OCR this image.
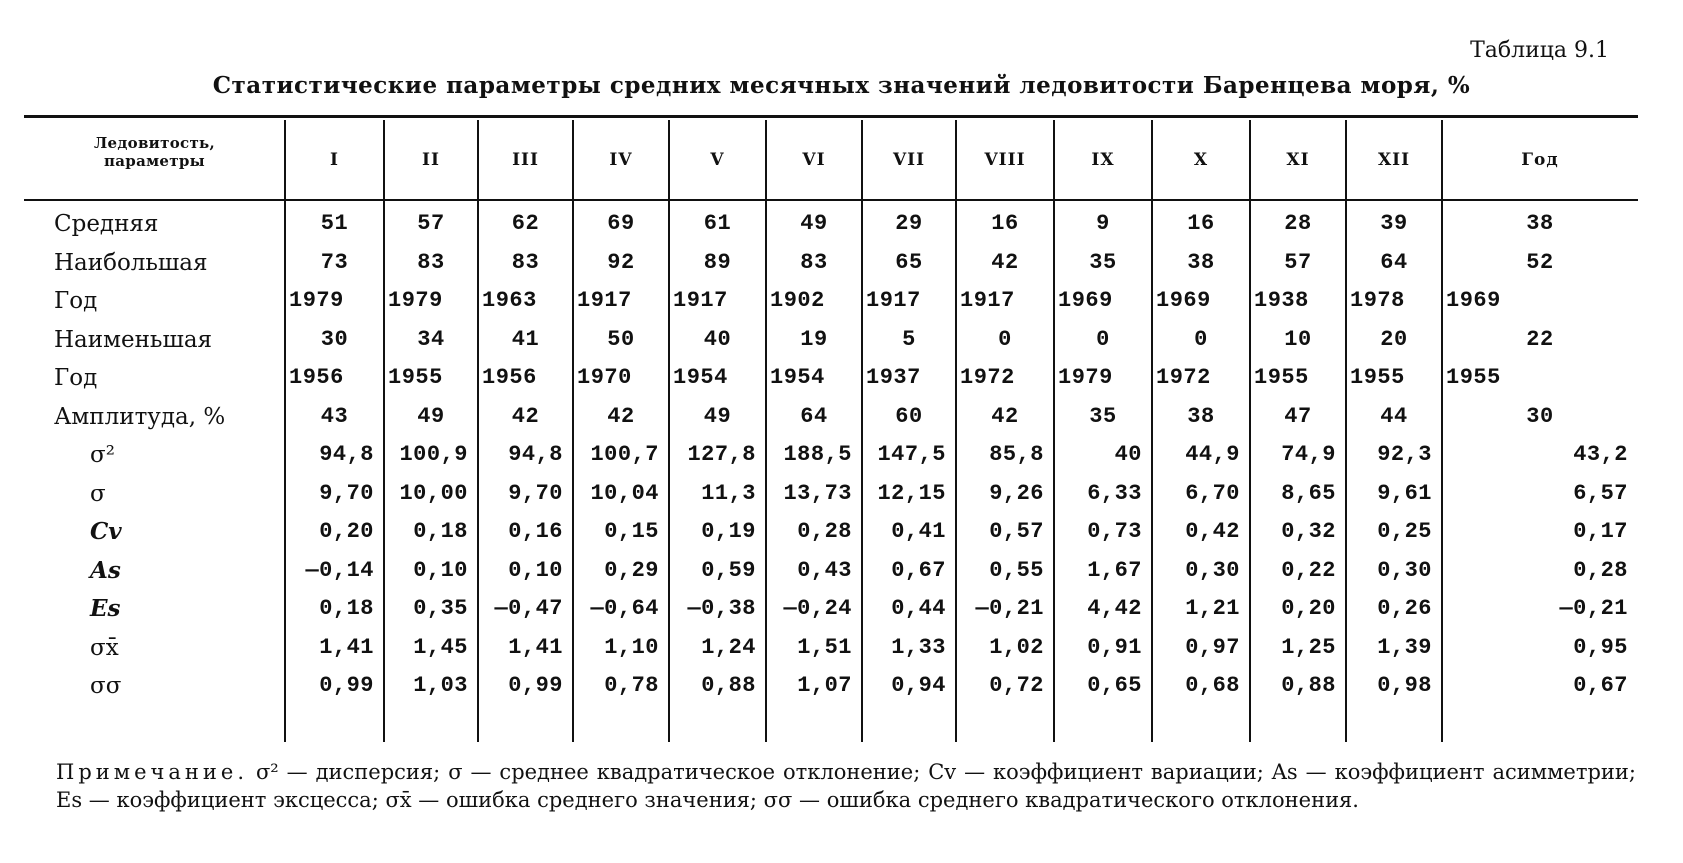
Таблица 9.1
Статистические параметры средних месячных значений ледовитости Баренцева моря, %
Ледовитость, параметры	I	II	III	IV	V	VI	VII	VIII	IX	X	XI	XII	Год
Средняя	51	57	62	69	61	49	29	16	9	16	28	39	38
Наибольшая	73	83	83	92	89	83	65	42	35	38	57	64	52
Год	1979	1979	1963	1917	1917	1902	1917	1917	1969	1969	1938	1978	1969
Наименьшая	30	34	41	50	40	19	5	0	0	0	10	20	22
Год	1956	1955	1956	1970	1954	1954	1937	1972	1979	1972	1955	1955	1955
Амплитуда, %	43	49	42	42	49	64	60	42	35	38	47	44	30
σ²	94,8	100,9	94,8	100,7	127,8	188,5	147,5	85,8	40	44,9	74,9	92,3	43,2
σ	9,70	10,00	9,70	10,04	11,3	13,73	12,15	9,26	6,33	6,70	8,65	9,61	6,57
Cv	0,20	0,18	0,16	0,15	0,19	0,28	0,41	0,57	0,73	0,42	0,32	0,25	0,17
As	—0,14	0,10	0,10	0,29	0,59	0,43	0,67	0,55	1,67	0,30	0,22	0,30	0,28
Es	0,18	0,35	—0,47	—0,64	—0,38	—0,24	0,44	—0,21	4,42	1,21	0,20	0,26	—0,21
σx̄	1,41	1,45	1,41	1,10	1,24	1,51	1,33	1,02	0,91	0,97	1,25	1,39	0,95
σσ	0,99	1,03	0,99	0,78	0,88	1,07	0,94	0,72	0,65	0,68	0,88	0,98	0,67
Примечание. σ² — дисперсия; σ — среднее квадратическое отклонение; Cv — коэффициент вариации; As — коэффициент асимметрии; Es — коэффициент эксцесса; σx̄ — ошибка среднего значения; σσ — ошибка среднего квадратического отклонения.
